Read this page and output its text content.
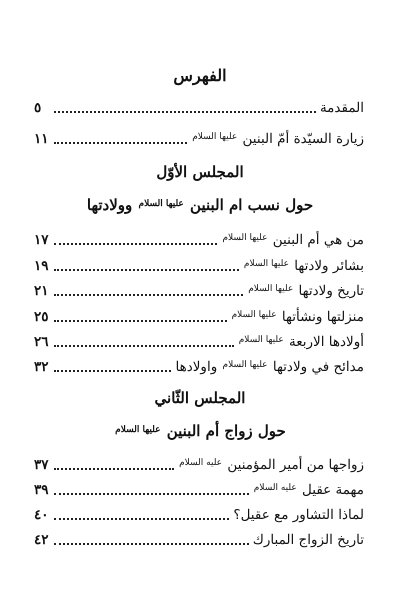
الفهرس
المقدمة
٥
زيارة السيّدة أمّ البنين $^{عليها السلام}$
١١
المجلس الأوّل
حول نسب ام البنين $^{عليها السلام}$ وولادتها
من هي أم البنين $^{عليها السلام}$
١٧
بشائر ولادتها $^{عليها السلام}$
١٩
تاريخ ولادتها $^{عليها السلام}$
٢١
منزلتها ونشأتها $^{عليها السلام}$
٢٥
أولادها الاربعة $^{عليها السلام}$
٢٦
مدائح في ولادتها $^{عليها السلام}$ واولادها
٣٢
المجلس الثّاني
حول زواج أم البنين $^{عليها السلام}$
زواجها من أمير المؤمنين $^{عليه السلام}$
٣٧
مهمة عقيل $^{عليه السلام}$
٣٩
لماذا التشاور مع عقيل؟
٤٠
تاريخ الزواج المبارك
٤٢
